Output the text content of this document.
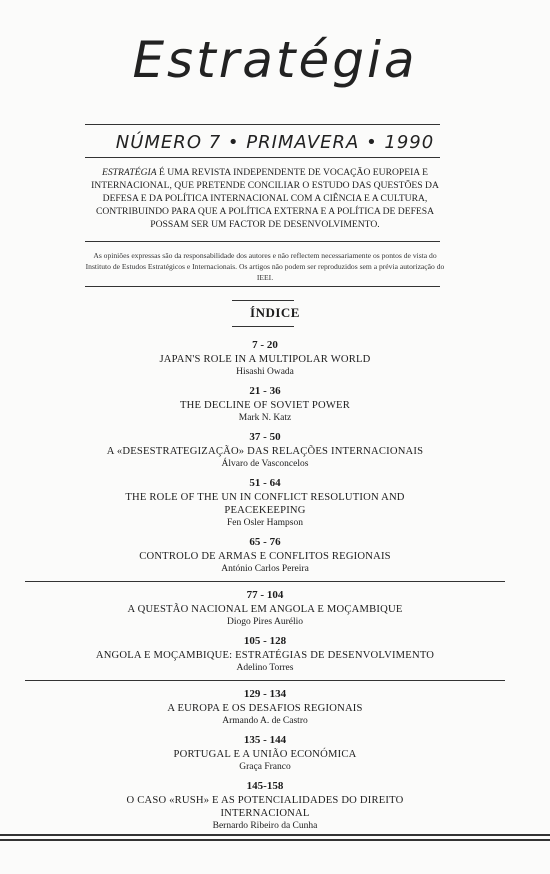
Estratégia
NÚMERO 7 • PRIMAVERA • 1990
ESTRATÉGIA É UMA REVISTA INDEPENDENTE DE VOCAÇÃO EUROPEIA E INTERNACIONAL, QUE PRETENDE CONCILIAR O ESTUDO DAS QUESTÕES DA DEFESA E DA POLÍTICA INTERNACIONAL COM A CIÊNCIA E A CULTURA, CONTRIBUINDO PARA QUE A POLÍTICA EXTERNA E A POLÍTICA DE DEFESA POSSAM SER UM FACTOR DE DESENVOLVIMENTO.
As opiniões expressas são da responsabilidade dos autores e não reflectem necessariamente os pontos de vista do Instituto de Estudos Estratégicos e Internacionais. Os artigos não podem ser reproduzidos sem a prévia autorização do IEEI.
ÍNDICE
7 - 20
JAPAN'S ROLE IN A MULTIPOLAR WORLD
Hisashi Owada
21 - 36
THE DECLINE OF SOVIET POWER
Mark N. Katz
37 - 50
A «DESESTRATEGIZAÇÃO» DAS RELAÇÕES INTERNACIONAIS
Álvaro de Vasconcelos
51 - 64
THE ROLE OF THE UN IN CONFLICT RESOLUTION AND PEACEKEEPING
Fen Osler Hampson
65 - 76
CONTROLO DE ARMAS E CONFLITOS REGIONAIS
António Carlos Pereira
77 - 104
A QUESTÃO NACIONAL EM ANGOLA E MOÇAMBIQUE
Diogo Pires Aurélio
105 - 128
ANGOLA E MOÇAMBIQUE: ESTRATÉGIAS DE DESENVOLVIMENTO
Adelino Torres
129 - 134
A EUROPA E OS DESAFIOS REGIONAIS
Armando A. de Castro
135 - 144
PORTUGAL E A UNIÃO ECONÓMICA
Graça Franco
145-158
O CASO «RUSH» E AS POTENCIALIDADES DO DIREITO INTERNACIONAL
Bernardo Ribeiro da Cunha
